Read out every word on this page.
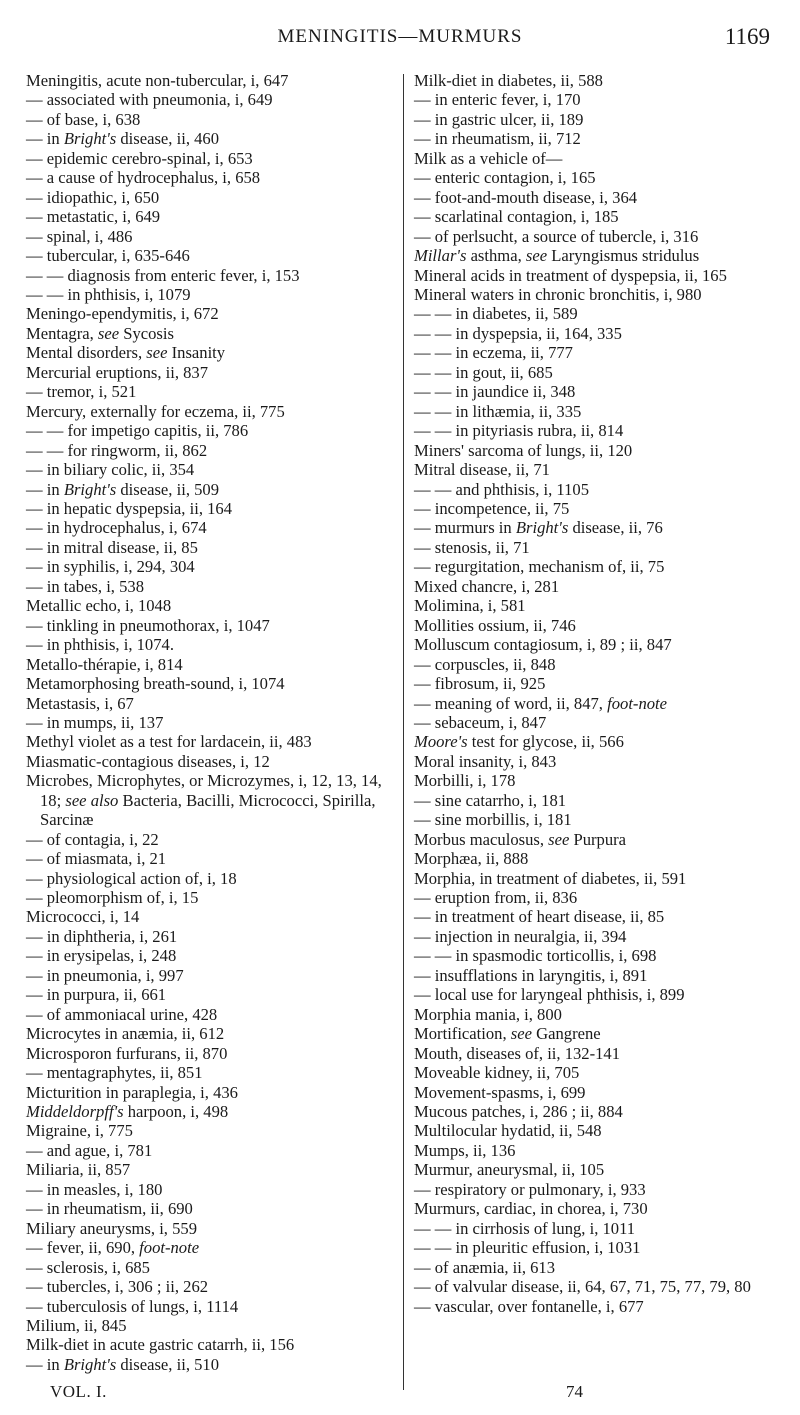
MENINGITIS—MURMURS	1169
Meningitis, acute non-tubercular, i, 647
— associated with pneumonia, i, 649
— of base, i, 638
— in Bright's disease, ii, 460
— epidemic cerebro-spinal, i, 653
— a cause of hydrocephalus, i, 658
— idiopathic, i, 650
— metastatic, i, 649
— spinal, i, 486
— tubercular, i, 635-646
— — diagnosis from enteric fever, i, 153
— — in phthisis, i, 1079
Meningo-ependymitis, i, 672
Mentagra, see Sycosis
Mental disorders, see Insanity
Mercurial eruptions, ii, 837
— tremor, i, 521
Mercury, externally for eczema, ii, 775
— — for impetigo capitis, ii, 786
— — for ringworm, ii, 862
— in biliary colic, ii, 354
— in Bright's disease, ii, 509
— in hepatic dyspepsia, ii, 164
— in hydrocephalus, i, 674
— in mitral disease, ii, 85
— in syphilis, i, 294, 304
— in tabes, i, 538
Metallic echo, i, 1048
— tinkling in pneumothorax, i, 1047
— in phthisis, i, 1074.
Metallo-thérapie, i, 814
Metamorphosing breath-sound, i, 1074
Metastasis, i, 67
— in mumps, ii, 137
Methyl violet as a test for lardacein, ii, 483
Miasmatic-contagious diseases, i, 12
Microbes, Microphytes, or Microzymes, i, 12, 13, 14, 18; see also Bacteria, Bacilli, Micrococci, Spirilla, Sarcinæ
— of contagia, i, 22
— of miasmata, i, 21
— physiological action of, i, 18
— pleomorphism of, i, 15
Micrococci, i, 14
— in diphtheria, i, 261
— in erysipelas, i, 248
— in pneumonia, i, 997
— in purpura, ii, 661
— of ammoniacal urine, 428
Microcytes in anæmia, ii, 612
Microsporon furfurans, ii, 870
— mentagraphytes, ii, 851
Micturition in paraplegia, i, 436
Middeldorpff's harpoon, i, 498
Migraine, i, 775
— and ague, i, 781
Miliaria, ii, 857
— in measles, i, 180
— in rheumatism, ii, 690
Miliary aneurysms, i, 559
— fever, ii, 690, foot-note
— sclerosis, i, 685
— tubercles, i, 306 ; ii, 262
— tuberculosis of lungs, i, 1114
Milium, ii, 845
Milk-diet in acute gastric catarrh, ii, 156
— in Bright's disease, ii, 510
Milk-diet in diabetes, ii, 588
— in enteric fever, i, 170
— in gastric ulcer, ii, 189
— in rheumatism, ii, 712
Milk as a vehicle of—
— enteric contagion, i, 165
— foot-and-mouth disease, i, 364
— scarlatinal contagion, i, 185
— of perlsucht, a source of tubercle, i, 316
Millar's asthma, see Laryngismus stridulus
Mineral acids in treatment of dyspepsia, ii, 165
Mineral waters in chronic bronchitis, i, 980
— — in diabetes, ii, 589
— — in dyspepsia, ii, 164, 335
— — in eczema, ii, 777
— — in gout, ii, 685
— — in jaundice ii, 348
— — in lithæmia, ii, 335
— — in pityriasis rubra, ii, 814
Miners' sarcoma of lungs, ii, 120
Mitral disease, ii, 71
— — and phthisis, i, 1105
— incompetence, ii, 75
— murmurs in Bright's disease, ii, 76
— stenosis, ii, 71
— regurgitation, mechanism of, ii, 75
Mixed chancre, i, 281
Molimina, i, 581
Mollities ossium, ii, 746
Molluscum contagiosum, i, 89 ; ii, 847
— corpuscles, ii, 848
— fibrosum, ii, 925
— meaning of word, ii, 847, foot-note
— sebaceum, i, 847
Moore's test for glycose, ii, 566
Moral insanity, i, 843
Morbilli, i, 178
— sine catarrho, i, 181
— sine morbillis, i, 181
Morbus maculosus, see Purpura
Morphæa, ii, 888
Morphia, in treatment of diabetes, ii, 591
— eruption from, ii, 836
— in treatment of heart disease, ii, 85
— injection in neuralgia, ii, 394
— — in spasmodic torticollis, i, 698
— insufflations in laryngitis, i, 891
— local use for laryngeal phthisis, i, 899
Morphia mania, i, 800
Mortification, see Gangrene
Mouth, diseases of, ii, 132-141
Moveable kidney, ii, 705
Movement-spasms, i, 699
Mucous patches, i, 286 ; ii, 884
Multilocular hydatid, ii, 548
Mumps, ii, 136
Murmur, aneurysmal, ii, 105
— respiratory or pulmonary, i, 933
Murmurs, cardiac, in chorea, i, 730
— — in cirrhosis of lung, i, 1011
— — in pleuritic effusion, i, 1031
— of anæmia, ii, 613
— of valvular disease, ii, 64, 67, 71, 75, 77, 79, 80
— vascular, over fontanelle, i, 677
VOL. I.	74
